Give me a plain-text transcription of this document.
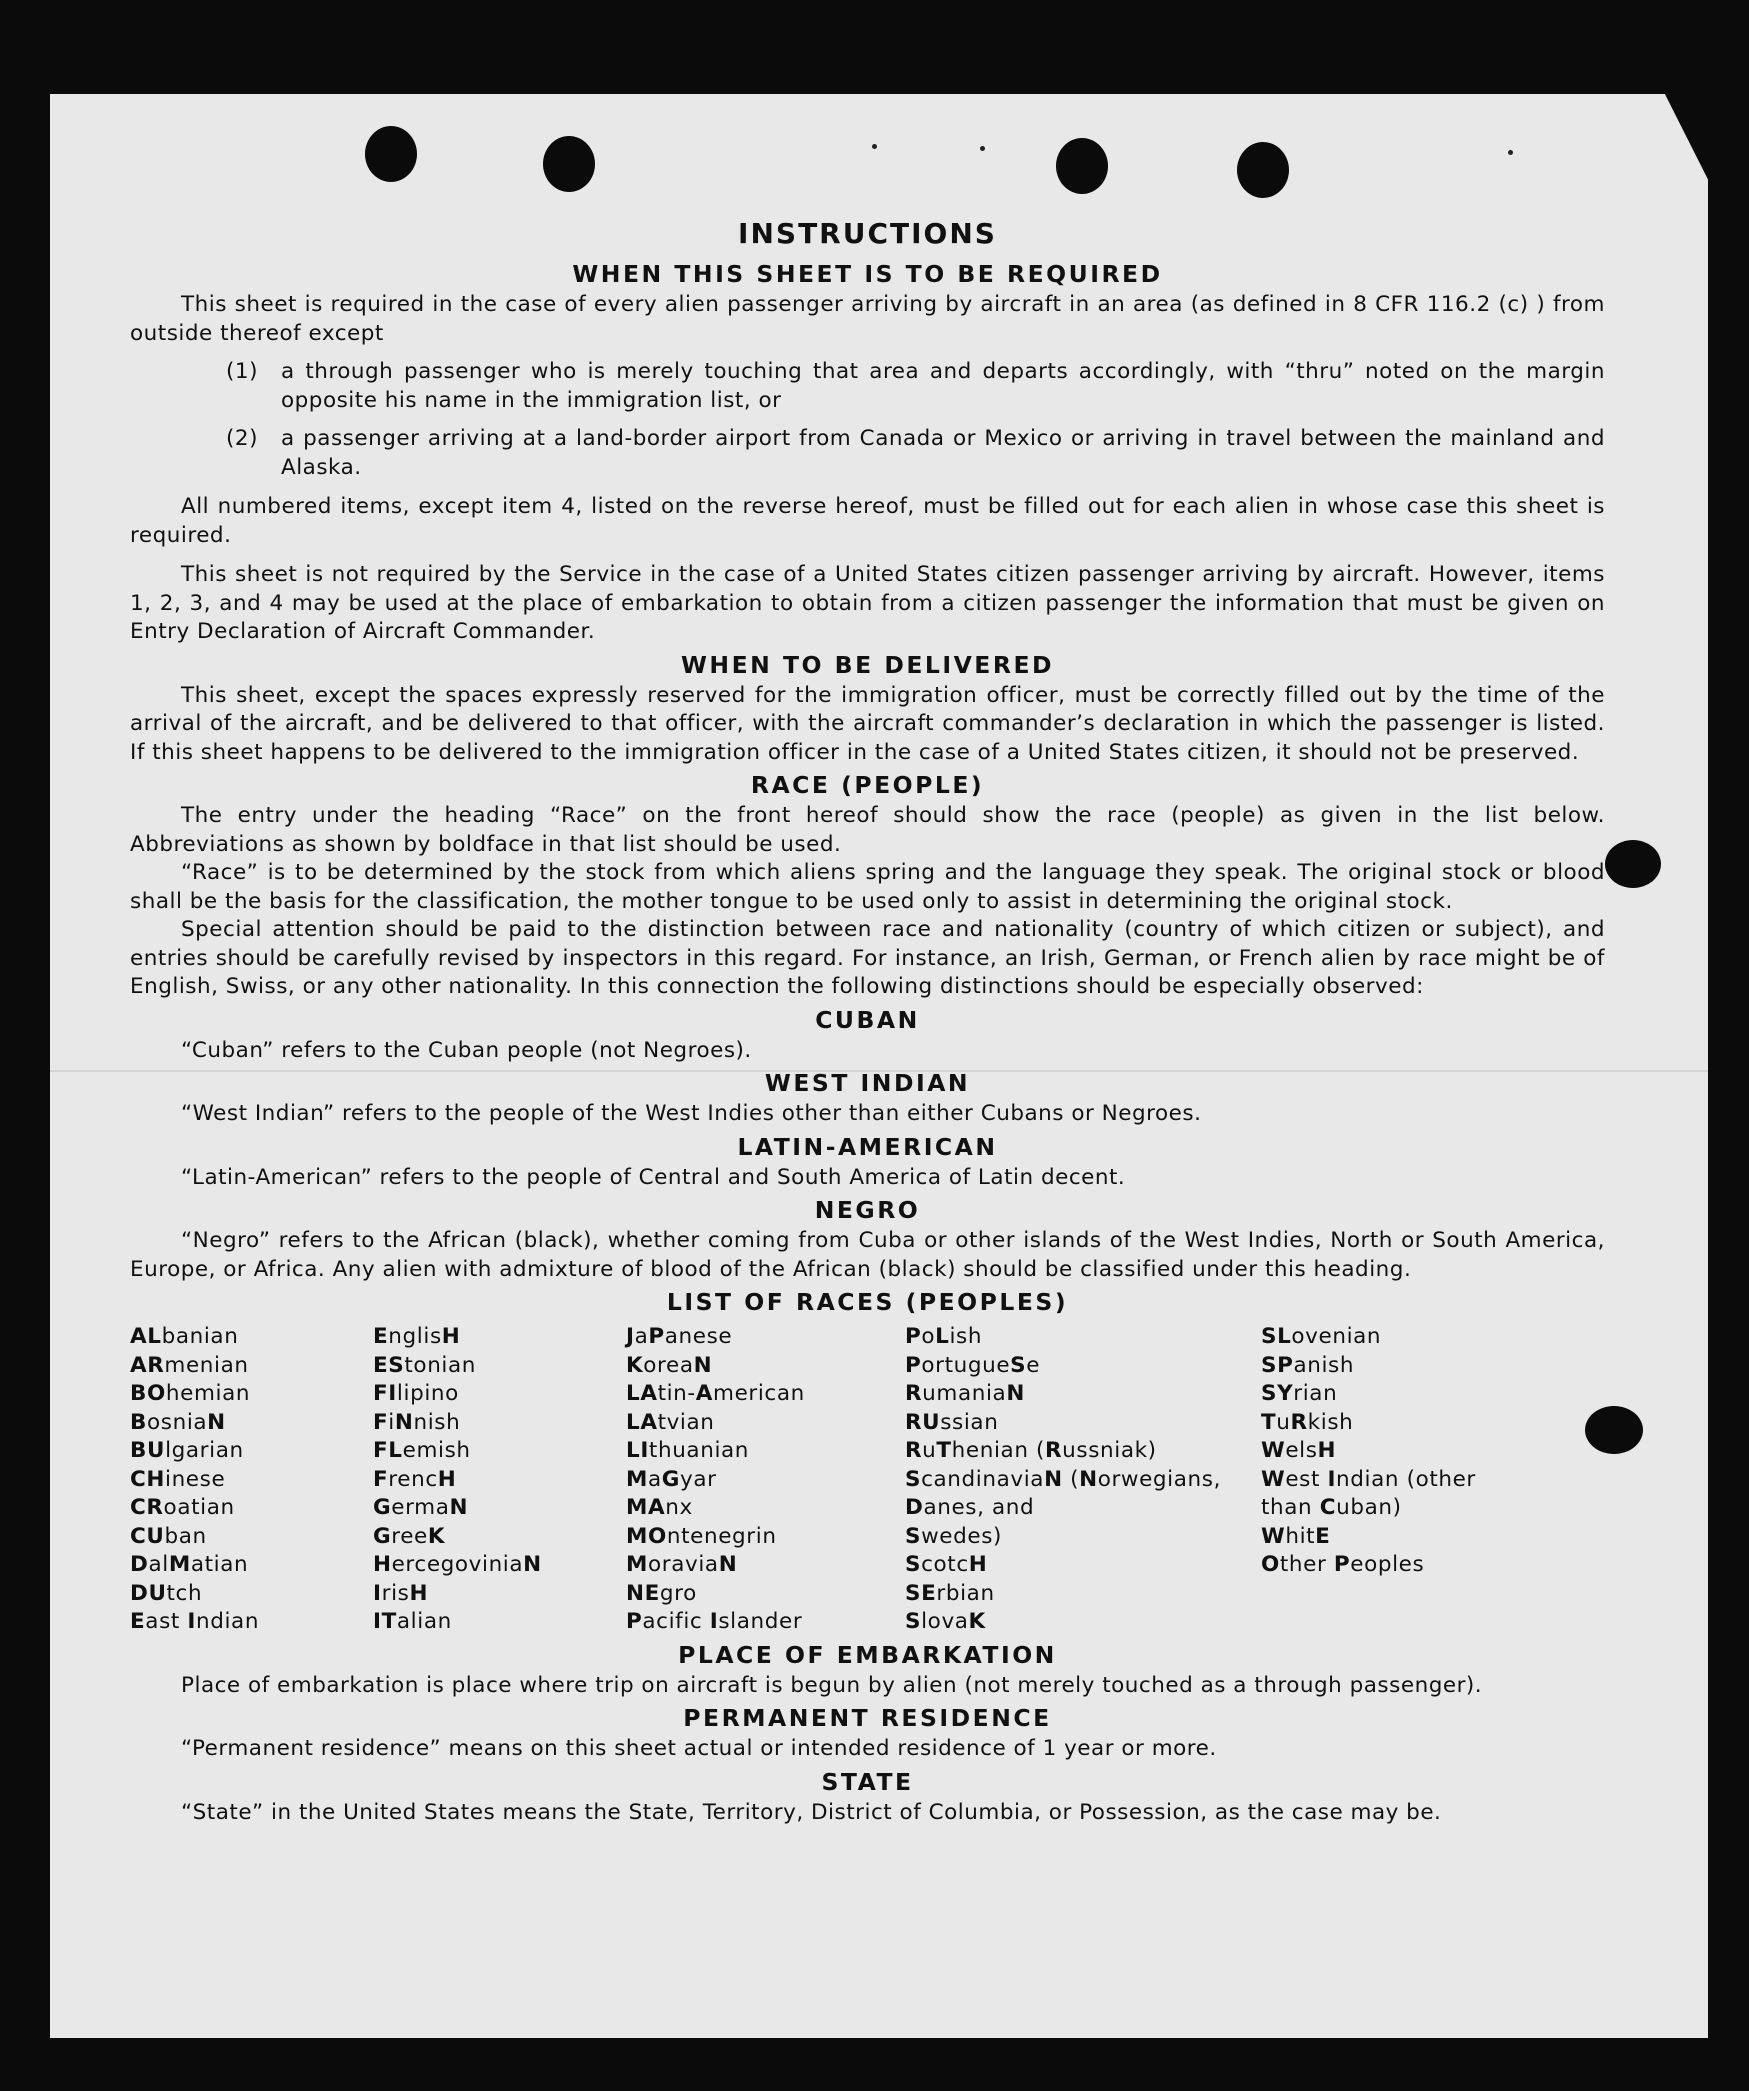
INSTRUCTIONS
WHEN THIS SHEET IS TO BE REQUIRED

This sheet is required in the case of every alien passenger arriving by aircraft in an area (as defined in 8 CFR 116.2 (c) ) from outside thereof except

(1)	a through passenger who is merely touching that area and departs accordingly, with “thru” noted on the margin opposite his name in the immigration list, or
(2)	a passenger arriving at a land-border airport from Canada or Mexico or arriving in travel between the mainland and Alaska.

All numbered items, except item 4, listed on the reverse hereof, must be filled out for each alien in whose case this sheet is required.

This sheet is not required by the Service in the case of a United States citizen passenger arriving by aircraft. However, items 1, 2, 3, and 4 may be used at the place of embarkation to obtain from a citizen passenger the information that must be given on Entry Declaration of Aircraft Commander.

WHEN TO BE DELIVERED

This sheet, except the spaces expressly reserved for the immigration officer, must be correctly filled out by the time of the arrival of the aircraft, and be delivered to that officer, with the aircraft commander’s declaration in which the passenger is listed. If this sheet happens to be delivered to the immigration officer in the case of a United States citizen, it should not be preserved.

RACE (PEOPLE)

The entry under the heading “Race” on the front hereof should show the race (people) as given in the list below. Abbreviations as shown by boldface in that list should be used.

“Race” is to be determined by the stock from which aliens spring and the language they speak. The original stock or blood shall be the basis for the classification, the mother tongue to be used only to assist in determining the original stock.

Special attention should be paid to the distinction between race and nationality (country of which citizen or subject), and entries should be carefully revised by inspectors in this regard. For instance, an Irish, German, or French alien by race might be of English, Swiss, or any other nationality. In this connection the following distinctions should be especially observed:

CUBAN

“Cuban” refers to the Cuban people (not Negroes).

WEST INDIAN

“West Indian” refers to the people of the West Indies other than either Cubans or Negroes.

LATIN-AMERICAN

“Latin-American” refers to the people of Central and South America of Latin decent.

NEGRO

“Negro” refers to the African (black), whether coming from Cuba or other islands of the West Indies, North or South America, Europe, or Africa. Any alien with admixture of blood of the African (black) should be classified under this heading.

LIST OF RACES (PEOPLES)
ALbanian
ARmenian
BOhemian
BosniaN
BUlgarian
CHinese
CRoatian
CUban
DalMatian
DUtch
East Indian
EnglisH
EStonian
FIlipino
FiNnish
FLemish
FrencH
GermaN
GreeK
HercegoviniaN
IrisH
ITalian
JaPanese
KoreaN
LAtin-American
LAtvian
LIthuanian
MaGyar
MAnx
MOntenegrin
MoraviaN
NEgro
Pacific Islander
PoLish
PortugueSe
RumaniaN
RUssian
RuThenian (Russniak)
ScandinaviaN (Norwegians,
Danes, and
Swedes)
ScotcH
SErbian
SlovaK
SLovenian
SPanish
SYrian
TuRkish
WelsH
West Indian (other
than Cuban)
WhitE
Other Peoples
PLACE OF EMBARKATION

Place of embarkation is place where trip on aircraft is begun by alien (not merely touched as a through passenger).

PERMANENT RESIDENCE

“Permanent residence” means on this sheet actual or intended residence of 1 year or more.

STATE

“State” in the United States means the State, Territory, District of Columbia, or Possession, as the case may be.
